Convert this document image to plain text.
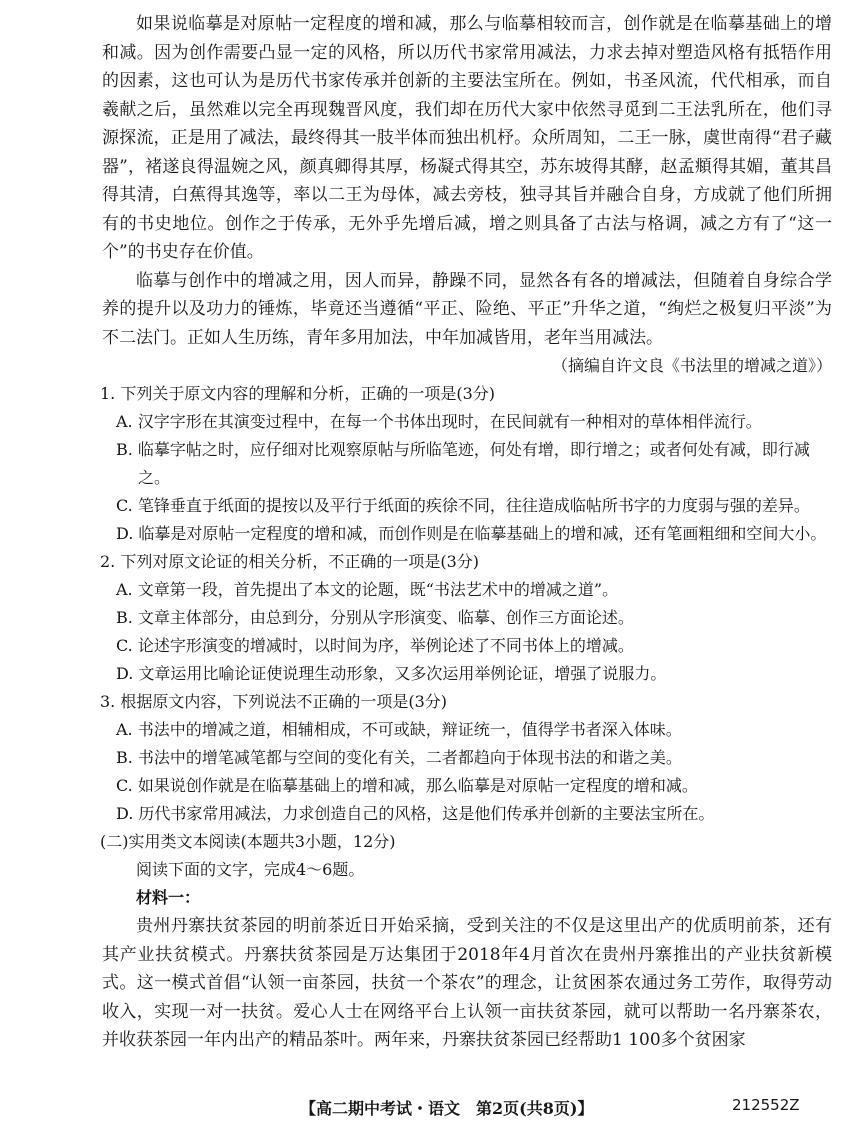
如果说临摹是对原帖一定程度的增和减，那么与临摹相较而言，创作就是在临摹基础上的增和减。因为创作需要凸显一定的风格，所以历代书家常用减法，力求去掉对塑造风格有抵牾作用的因素，这也可认为是历代书家传承并创新的主要法宝所在。例如，书圣风流，代代相承，而自羲献之后，虽然难以完全再现魏晋风度，我们却在历代大家中依然寻觅到二王法乳所在，他们寻源探流，正是用了减法，最终得其一肢半体而独出机杼。众所周知，二王一脉，虞世南得“君子藏器”，褚遂良得温婉之风，颜真卿得其厚，杨凝式得其空，苏东坡得其酵，赵孟頫得其媚，董其昌得其清，白蕉得其逸等，率以二王为母体，减去旁枝，独寻其旨并融合自身，方成就了他们所拥有的书史地位。创作之于传承，无外乎先增后减，增之则具备了古法与格调，减之方有了“这一个”的书史存在价值。

临摹与创作中的增减之用，因人而异，静躁不同，显然各有各的增减法，但随着自身综合学养的提升以及功力的锤炼，毕竟还当遵循“平正、险绝、平正”升华之道，“绚烂之极复归平淡”为不二法门。正如人生历练，青年多用加法，中年加减皆用，老年当用减法。

（摘编自许文良《书法里的增减之道》）

1. 下列关于原文内容的理解和分析，正确的一项是(3分)

A. 汉字字形在其演变过程中，在每一个书体出现时，在民间就有一种相对的草体相伴流行。

B. 临摹字帖之时，应仔细对比观察原帖与所临笔迹，何处有增，即行增之；或者何处有减，即行减之。

C. 笔锋垂直于纸面的提按以及平行于纸面的疾徐不同，往往造成临帖所书字的力度弱与强的差异。

D. 临摹是对原帖一定程度的增和减，而创作则是在临摹基础上的增和减，还有笔画粗细和空间大小。

2. 下列对原文论证的相关分析，不正确的一项是(3分)

A. 文章第一段，首先提出了本文的论题，既“书法艺术中的增减之道”。

B. 文章主体部分，由总到分，分别从字形演变、临摹、创作三方面论述。

C. 论述字形演变的增减时，以时间为序，举例论述了不同书体上的增减。

D. 文章运用比喻论证使说理生动形象，又多次运用举例论证，增强了说服力。

3. 根据原文内容，下列说法不正确的一项是(3分)

A. 书法中的增减之道，相辅相成，不可或缺，辩证统一，值得学书者深入体味。

B. 书法中的增笔减笔都与空间的变化有关，二者都趋向于体现书法的和谐之美。

C. 如果说创作就是在临摹基础上的增和减，那么临摹是对原帖一定程度的增和减。

D. 历代书家常用减法，力求创造自己的风格，这是他们传承并创新的主要法宝所在。

(二)实用类文本阅读(本题共3小题，12分)

阅读下面的文字，完成4～6题。

材料一：

贵州丹寨扶贫茶园的明前茶近日开始采摘，受到关注的不仅是这里出产的优质明前茶，还有其产业扶贫模式。丹寨扶贫茶园是万达集团于2018年4月首次在贵州丹寨推出的产业扶贫新模式。这一模式首倡“认领一亩茶园，扶贫一个茶农”的理念，让贫困茶农通过务工劳作，取得劳动收入，实现一对一扶贫。爱心人士在网络平台上认领一亩扶贫茶园，就可以帮助一名丹寨茶农，并收获茶园一年内出产的精品茶叶。两年来，丹寨扶贫茶园已经帮助1 100多个贫困家

【高二期中考试・语文　第2页(共8页)】	212552Z
